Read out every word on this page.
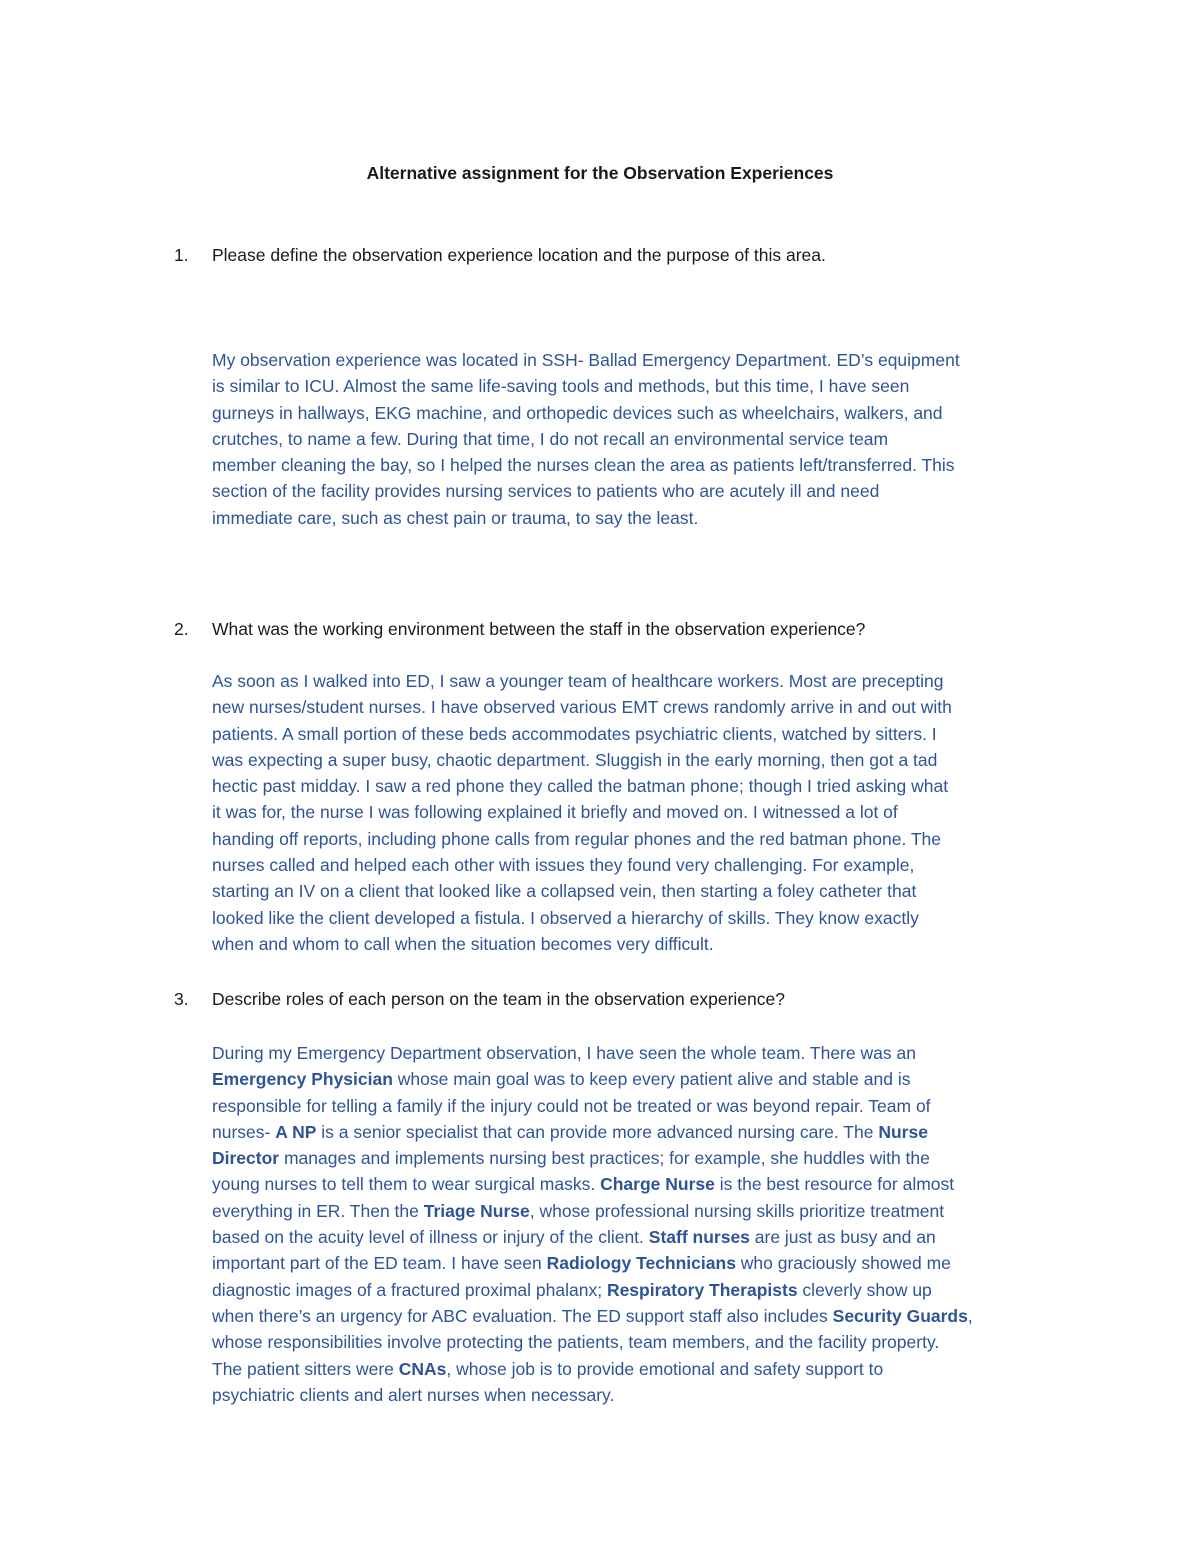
Alternative assignment for the Observation Experiences

1. Please define the observation experience location and the purpose of this area.

My observation experience was located in SSH- Ballad Emergency Department. ED’s equipment
is similar to ICU. Almost the same life-saving tools and methods, but this time, I have seen
gurneys in hallways, EKG machine, and orthopedic devices such as wheelchairs, walkers, and
crutches, to name a few. During that time, I do not recall an environmental service team
member cleaning the bay, so I helped the nurses clean the area as patients left/transferred. This
section of the facility provides nursing services to patients who are acutely ill and need
immediate care, such as chest pain or trauma, to say the least.

2. What was the working environment between the staff in the observation experience?

As soon as I walked into ED, I saw a younger team of healthcare workers. Most are precepting
new nurses/student nurses. I have observed various EMT crews randomly arrive in and out with
patients. A small portion of these beds accommodates psychiatric clients, watched by sitters. I
was expecting a super busy, chaotic department. Sluggish in the early morning, then got a tad
hectic past midday. I saw a red phone they called the batman phone; though I tried asking what
it was for, the nurse I was following explained it briefly and moved on. I witnessed a lot of
handing off reports, including phone calls from regular phones and the red batman phone. The
nurses called and helped each other with issues they found very challenging. For example,
starting an IV on a client that looked like a collapsed vein, then starting a foley catheter that
looked like the client developed a fistula. I observed a hierarchy of skills. They know exactly
when and whom to call when the situation becomes very difficult.

3. Describe roles of each person on the team in the observation experience?

During my Emergency Department observation, I have seen the whole team. There was an
Emergency Physician whose main goal was to keep every patient alive and stable and is
responsible for telling a family if the injury could not be treated or was beyond repair. Team of
nurses- A NP is a senior specialist that can provide more advanced nursing care. The Nurse
Director manages and implements nursing best practices; for example, she huddles with the
young nurses to tell them to wear surgical masks. Charge Nurse is the best resource for almost
everything in ER. Then the Triage Nurse, whose professional nursing skills prioritize treatment
based on the acuity level of illness or injury of the client. Staff nurses are just as busy and an
important part of the ED team. I have seen Radiology Technicians who graciously showed me
diagnostic images of a fractured proximal phalanx; Respiratory Therapists cleverly show up
when there’s an urgency for ABC evaluation. The ED support staff also includes Security Guards,
whose responsibilities involve protecting the patients, team members, and the facility property.
The patient sitters were CNAs, whose job is to provide emotional and safety support to
psychiatric clients and alert nurses when necessary.
